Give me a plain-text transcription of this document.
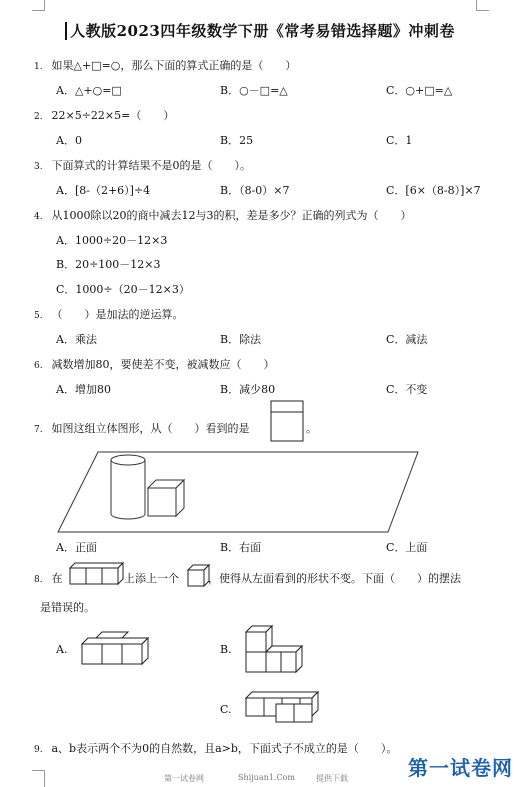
人教版2023四年级数学下册《常考易错选择题》冲刺卷
1. 如果△+□=○，那么下面的算式正确的是（　　）
A．△+○=□	B．○－□=△	C．○+□=△
2. 22×5÷22×5=（　　）
A．0	B．25	C．1
3. 下面算式的计算结果不是0的是（　　）。
A．[8-（2+6）]÷4	B．（8-0）×7	C．[6×（8-8）]×7
4. 从1000除以20的商中减去12与3的积，差是多少？正确的列式为（　　）
A．1000÷20－12×3
B．20÷100－12×3
C．1000÷（20－12×3）
5. （　　）是加法的逆运算。
A．乘法	B．除法	C．减法
6. 减数增加80，要使差不变，被减数应（　　）
A．增加80	B．减少80	C．不变
7. 如图这组立体图形，从（　　）看到的是	。
A．正面	B．右面	C．上面
8. 在	上添上一个	，使得从左面看到的形状不变。下面（　　）的摆法
是错误的。
A.	B.
C.
9. a、b表示两个不为0的自然数，且a>b，下面式子不成立的是（　　）。
第一试卷网	Shijuan1.Com	提供下载	第一试卷网
